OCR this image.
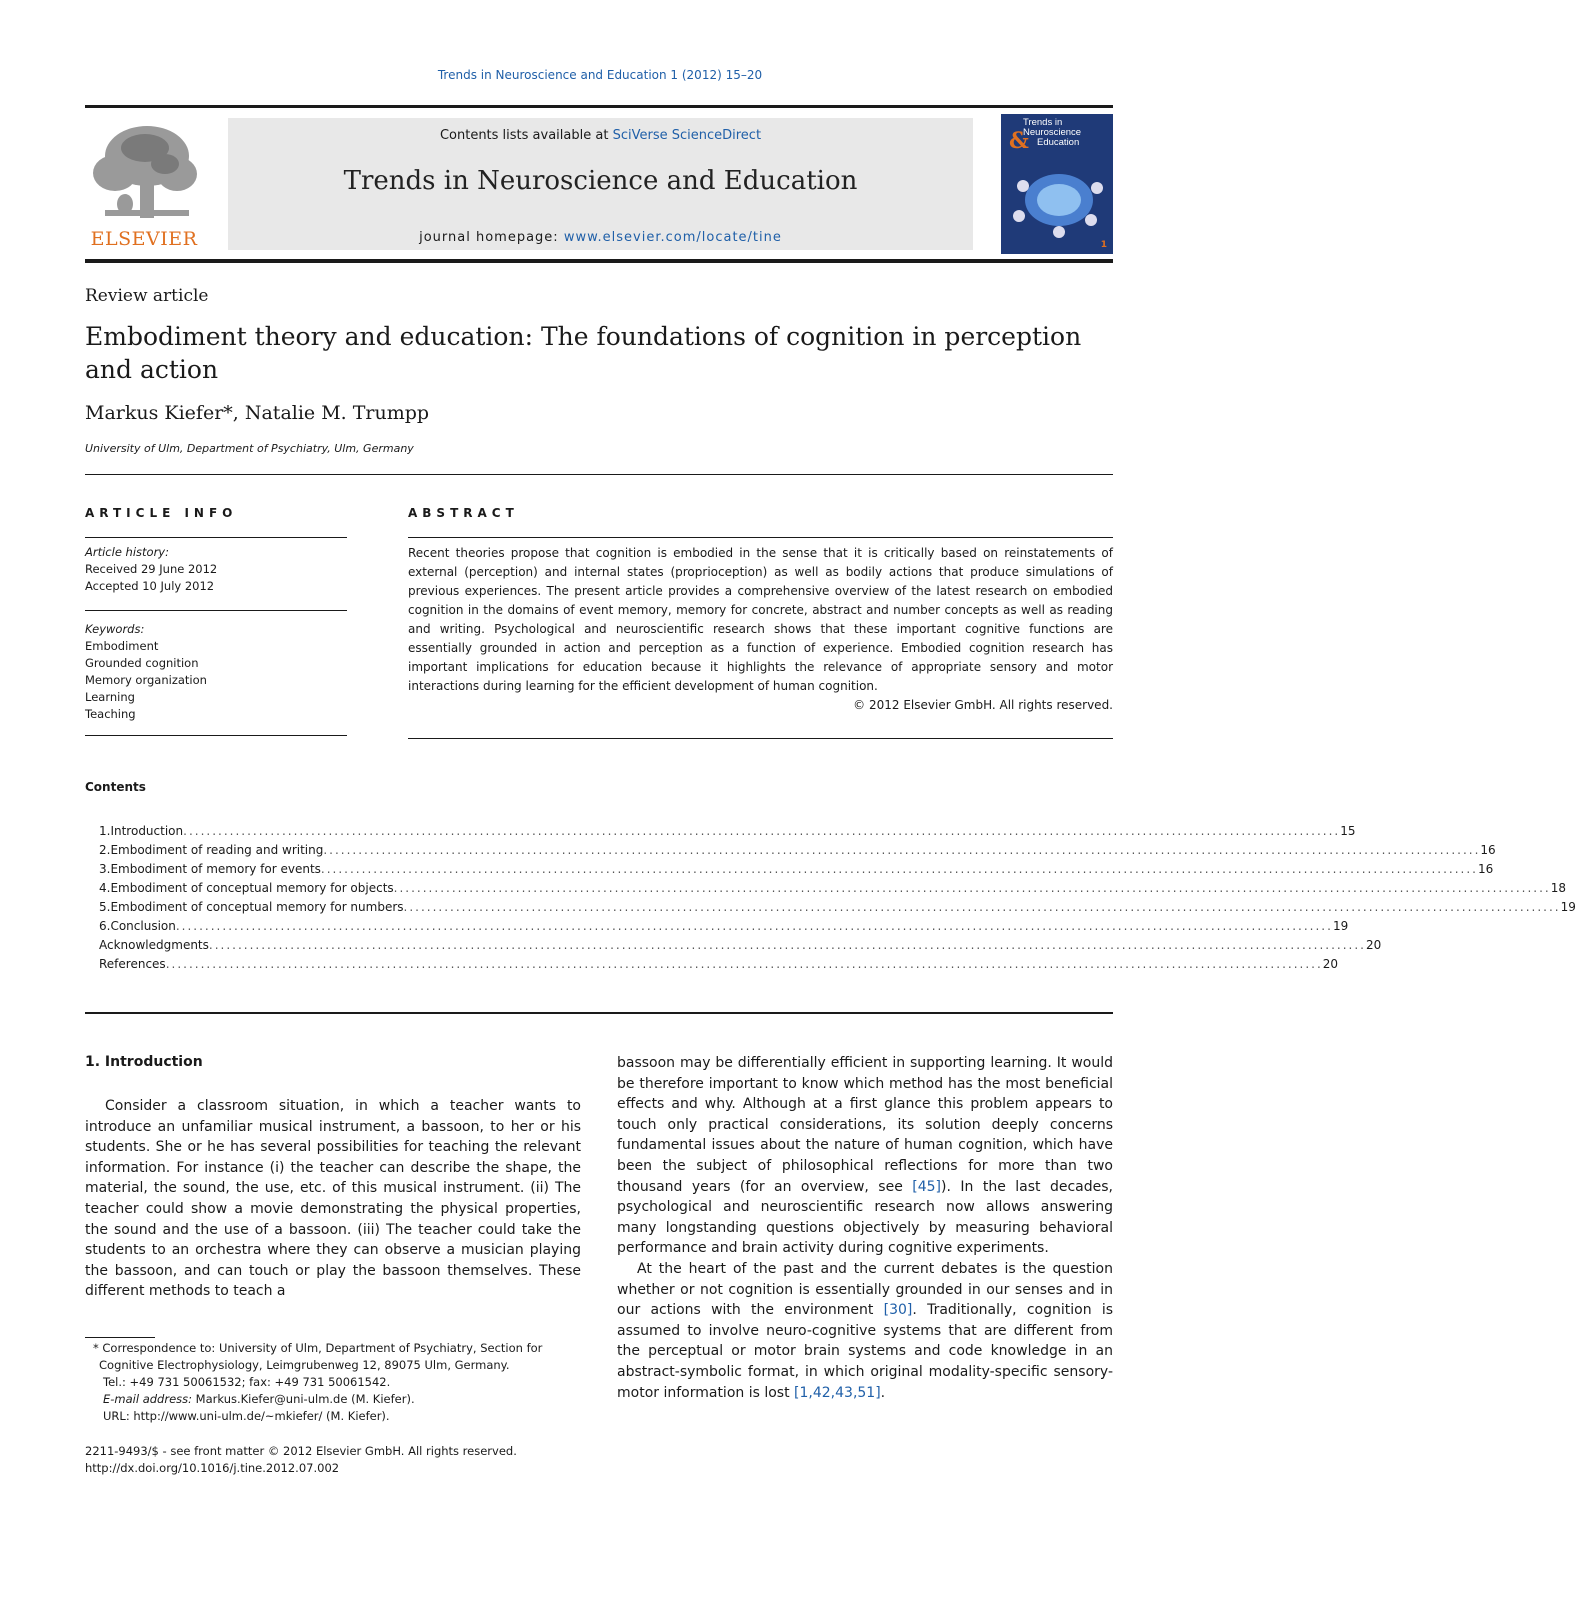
Trends in Neuroscience and Education 1 (2012) 15–20
ELSEVIER
Contents lists available at SciVerse ScienceDirect
Trends in Neuroscience and Education
journal homepage: www.elsevier.com/locate/tine
Trends in
Neuroscience
Education
&
1
Review article
Embodiment theory and education: The foundations of cognition in perception and action
Markus Kiefer*, Natalie M. Trumpp
University of Ulm, Department of Psychiatry, Ulm, Germany
ARTICLE INFO
Article history:
Received 29 June 2012
Accepted 10 July 2012
Keywords:
Embodiment
Grounded cognition
Memory organization
Learning
Teaching
ABSTRACT
Recent theories propose that cognition is embodied in the sense that it is critically based on reinstatements of external (perception) and internal states (proprioception) as well as bodily actions that produce simulations of previous experiences. The present article provides a comprehensive overview of the latest research on embodied cognition in the domains of event memory, memory for concrete, abstract and number concepts as well as reading and writing. Psychological and neuroscientific research shows that these important cognitive functions are essentially grounded in action and perception as a function of experience. Embodied cognition research has important implications for education because it highlights the relevance of appropriate sensory and motor interactions during learning for the efficient development of human cognition.
© 2012 Elsevier GmbH. All rights reserved.
Contents
1. Introduction ....................................................................................................................................................................................................... 15
2. Embodiment of reading and writing ....................................................................................................................................................................................................... 16
3. Embodiment of memory for events ....................................................................................................................................................................................................... 16
4. Embodiment of conceptual memory for objects ....................................................................................................................................................................................................... 18
5. Embodiment of conceptual memory for numbers ....................................................................................................................................................................................................... 19
6. Conclusion ....................................................................................................................................................................................................... 19
Acknowledgments ....................................................................................................................................................................................................... 20
References ....................................................................................................................................................................................................... 20
1. Introduction

Consider a classroom situation, in which a teacher wants to introduce an unfamiliar musical instrument, a bassoon, to her or his students. She or he has several possibilities for teaching the relevant information. For instance (i) the teacher can describe the shape, the material, the sound, the use, etc. of this musical instrument. (ii) The teacher could show a movie demonstrating the physical properties, the sound and the use of a bassoon. (iii) The teacher could take the students to an orchestra where they can observe a musician playing the bassoon, and can touch or play the bassoon themselves. These different methods to teach a

bassoon may be differentially efficient in supporting learning. It would be therefore important to know which method has the most beneficial effects and why. Although at a first glance this problem appears to touch only practical considerations, its solution deeply concerns fundamental issues about the nature of human cognition, which have been the subject of philosophical reflections for more than two thousand years (for an overview, see [45]). In the last decades, psychological and neuroscientific research now allows answering many longstanding questions objectively by measuring behavioral performance and brain activity during cognitive experiments.

At the heart of the past and the current debates is the question whether or not cognition is essentially grounded in our senses and in our actions with the environment [30]. Traditionally, cognition is assumed to involve neuro-cognitive systems that are different from the perceptual or motor brain systems and code knowledge in an abstract-symbolic format, in which original modality-specific sensory-motor information is lost [1,42,43,51].

* Correspondence to: University of Ulm, Department of Psychiatry, Section for Cognitive Electrophysiology, Leimgrubenweg 12, 89075 Ulm, Germany.
Tel.: +49 731 50061532; fax: +49 731 50061542.
E-mail address: Markus.Kiefer@uni-ulm.de (M. Kiefer).
URL: http://www.uni-ulm.de/~mkiefer/ (M. Kiefer).
2211-9493/$ - see front matter © 2012 Elsevier GmbH. All rights reserved.
http://dx.doi.org/10.1016/j.tine.2012.07.002
